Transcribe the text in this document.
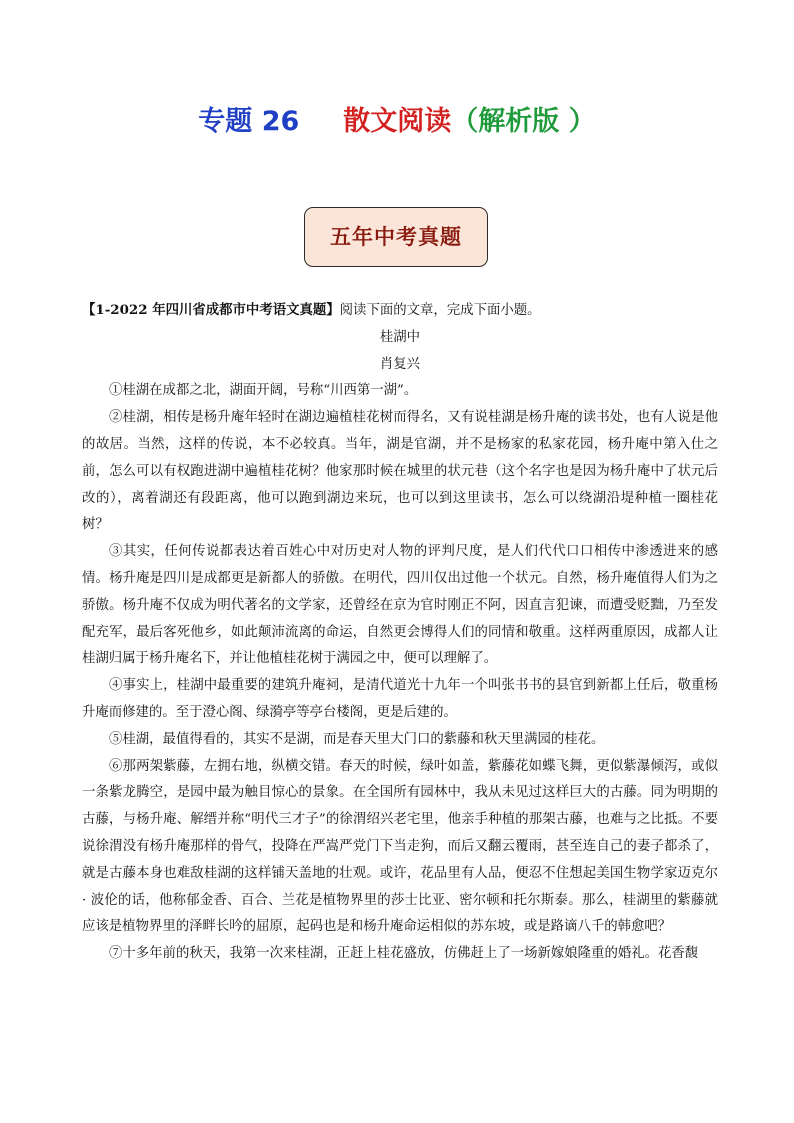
专题 26 散文阅读（解析版 ）
五年中考真题

【1-2022 年四川省成都市中考语文真题】阅读下面的文章，完成下面小题。

桂湖中

肖复兴

①桂湖在成都之北，湖面开阔，号称“川西第一湖”。

②桂湖，相传是杨升庵年轻时在湖边遍植桂花树而得名，又有说桂湖是杨升庵的读书处，也有人说是他的故居。当然，这样的传说，本不必较真。当年，湖是官湖，并不是杨家的私家花园，杨升庵中第入仕之前，怎么可以有权跑进湖中遍植桂花树？他家那时候在城里的状元巷（这个名字也是因为杨升庵中了状元后改的），离着湖还有段距离，他可以跑到湖边来玩，也可以到这里读书，怎么可以绕湖沿堤种植一圈桂花树？

③其实，任何传说都表达着百姓心中对历史对人物的评判尺度，是人们代代口口相传中渗透进来的感情。杨升庵是四川是成都更是新都人的骄傲。在明代，四川仅出过他一个状元。自然，杨升庵值得人们为之骄傲。杨升庵不仅成为明代著名的文学家，还曾经在京为官时刚正不阿，因直言犯谏，而遭受贬黜，乃至发配充军，最后客死他乡，如此颠沛流离的命运，自然更会博得人们的同情和敬重。这样两重原因，成都人让桂湖归属于杨升庵名下，并让他植桂花树于满园之中，便可以理解了。

④事实上，桂湖中最重要的建筑升庵祠，是清代道光十九年一个叫张书书的县官到新都上任后，敬重杨升庵而修建的。至于澄心阁、绿漪亭等亭台楼阁，更是后建的。

⑤桂湖，最值得看的，其实不是湖，而是春天里大门口的紫藤和秋天里满园的桂花。

⑥那两架紫藤，左拥右地，纵横交错。春天的时候，绿叶如盖，紫藤花如蝶飞舞，更似紫瀑倾泻，或似一条紫龙腾空，是园中最为触目惊心的景象。在全国所有园林中，我从未见过这样巨大的古藤。同为明期的古藤，与杨升庵、解缙并称“明代三才子”的徐渭绍兴老宅里，他亲手种植的那架古藤，也难与之比抵。不要说徐渭没有杨升庵那样的骨气，投降在严嵩严党门下当走狗，而后又翻云覆雨，甚至连自己的妻子都杀了，就是古藤本身也难敌桂湖的这样铺天盖地的壮观。或许，花品里有人品，便忍不住想起美国生物学家迈克尔 · 波伦的话，他称郁金香、百合、兰花是植物界里的莎士比亚、密尔顿和托尔斯泰。那么，桂湖里的紫藤就应该是植物界里的泽畔长吟的屈原，起码也是和杨升庵命运相似的苏东坡，或是路谪八千的韩愈吧？

⑦十多年前的秋天，我第一次来桂湖，正赶上桂花盛放，仿佛赶上了一场新嫁娘隆重的婚礼。花香馥
